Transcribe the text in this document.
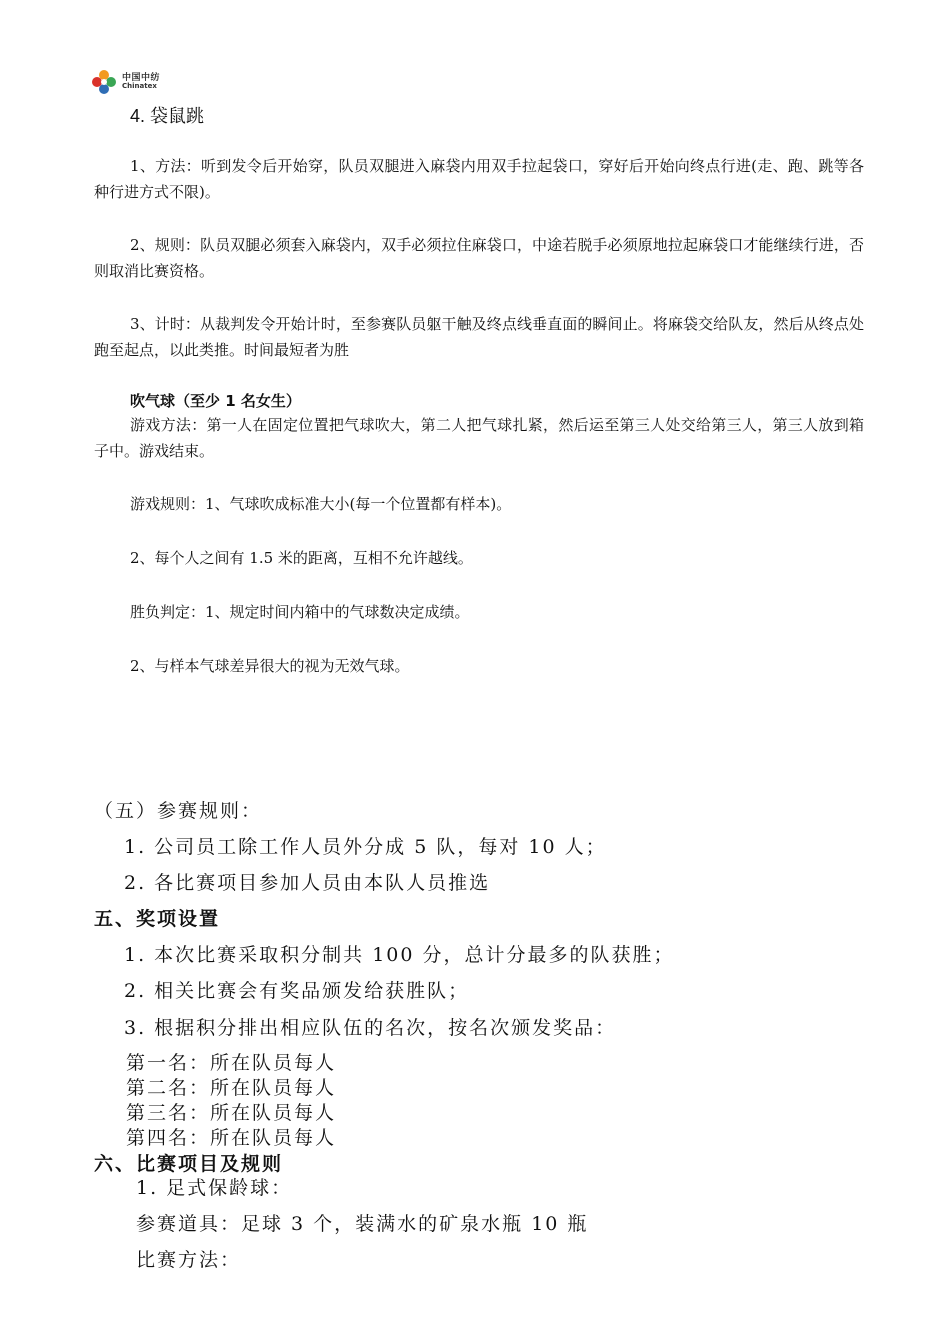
中国中纺
Chinatex
4. 袋鼠跳
1、方法：听到发令后开始穿，队员双腿进入麻袋内用双手拉起袋口，穿好后开始向终点行进(走、跑、跳等各种行进方式不限)。
2、规则：队员双腿必须套入麻袋内，双手必须拉住麻袋口，中途若脱手必须原地拉起麻袋口才能继续行进，否则取消比赛资格。
3、计时：从裁判发令开始计时，至参赛队员躯干触及终点线垂直面的瞬间止。将麻袋交给队友，然后从终点处跑至起点，以此类推。时间最短者为胜
吹气球（至少 1 名女生）
游戏方法：第一人在固定位置把气球吹大，第二人把气球扎紧，然后运至第三人处交给第三人，第三人放到箱子中。游戏结束。
游戏规则：1、气球吹成标准大小(每一个位置都有样本)。
2、每个人之间有 1.5 米的距离，互相不允许越线。
胜负判定：1、规定时间内箱中的气球数决定成绩。
2、与样本气球差异很大的视为无效气球。
（五）参赛规则：
1. 公司员工除工作人员外分成 5 队，每对 10 人；
2. 各比赛项目参加人员由本队人员推选
五、奖项设置
1. 本次比赛采取积分制共 100 分，总计分最多的队获胜；
2. 相关比赛会有奖品颁发给获胜队；
3. 根据积分排出相应队伍的名次，按名次颁发奖品：
第一名：所在队员每人
第二名：所在队员每人
第三名：所在队员每人
第四名：所在队员每人
六、比赛项目及规则
1. 足式保龄球：
参赛道具：足球 3 个，装满水的矿泉水瓶 10 瓶
比赛方法：
